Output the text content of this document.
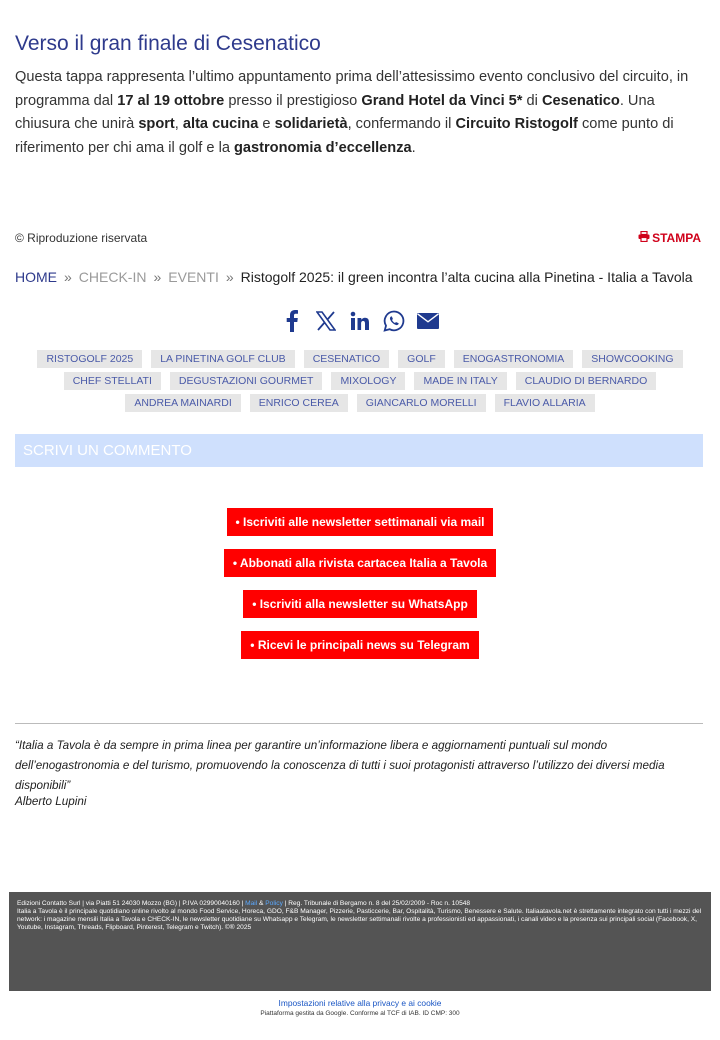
Verso il gran finale di Cesenatico

Questa tappa rappresenta l’ultimo appuntamento prima dell’attesissimo evento conclusivo del circuito, in programma dal 17 al 19 ottobre presso il prestigioso Grand Hotel da Vinci 5* di Cesenatico. Una chiusura che unirà sport, alta cucina e solidarietà, confermando il Circuito Ristogolf come punto di riferimento per chi ama il golf e la gastronomia d’eccellenza.

© Riproduzione riservata	STAMPA
HOME » CHECK-IN » EVENTI » Ristogolf 2025: il green incontra l’alta cucina alla Pinetina - Italia a Tavola
RISTOGOLF 2025	LA PINETINA GOLF CLUB	CESENATICO	GOLF	ENOGASTRONOMIA	SHOWCOOKING
CHEF STELLATI	DEGUSTAZIONI GOURMET	MIXOLOGY	MADE IN ITALY	CLAUDIO DI BERNARDO
ANDREA MAINARDI	ENRICO CEREA	GIANCARLO MORELLI	FLAVIO ALLARIA
SCRIVI UN COMMENTO
• Iscriviti alle newsletter settimanali via mail
• Abbonati alla rivista cartacea Italia a Tavola
• Iscriviti alla newsletter su WhatsApp
• Ricevi le principali news su Telegram

“Italia a Tavola è da sempre in prima linea per garantire un’informazione libera e aggiornamenti puntuali sul mondo dell’enogastronomia e del turismo, promuovendo la conoscenza di tutti i suoi protagonisti attraverso l’utilizzo dei diversi media disponibili”

Alberto Lupini

Edizioni Contatto Surl | via Piatti 51 24030 Mozzo (BG) | P.IVA 02990040160 | Mail & Policy | Reg. Tribunale di Bergamo n. 8 del 25/02/2009 - Roc n. 10548
Italia a Tavola è il principale quotidiano online rivolto al mondo Food Service, Horeca, GDO, F&B Manager, Pizzerie, Pasticcerie, Bar, Ospitalità, Turismo, Benessere e Salute. Italiaatavola.net è strettamente integrato con tutti i mezzi del network: i magazine mensili Italia a Tavola e CHECK-IN, le newsletter quotidiane su Whatsapp e Telegram, le newsletter settimanali rivolte a professionisti ed appassionati, i canali video e la presenza sui principali social (Facebook, X, Youtube, Instagram, Threads, Flipboard, Pinterest, Telegram e Twitch). ©® 2025
Impostazioni relative alla privacy e ai cookie
Piattaforma gestita da Google. Conforme al TCF di IAB. ID CMP: 300
